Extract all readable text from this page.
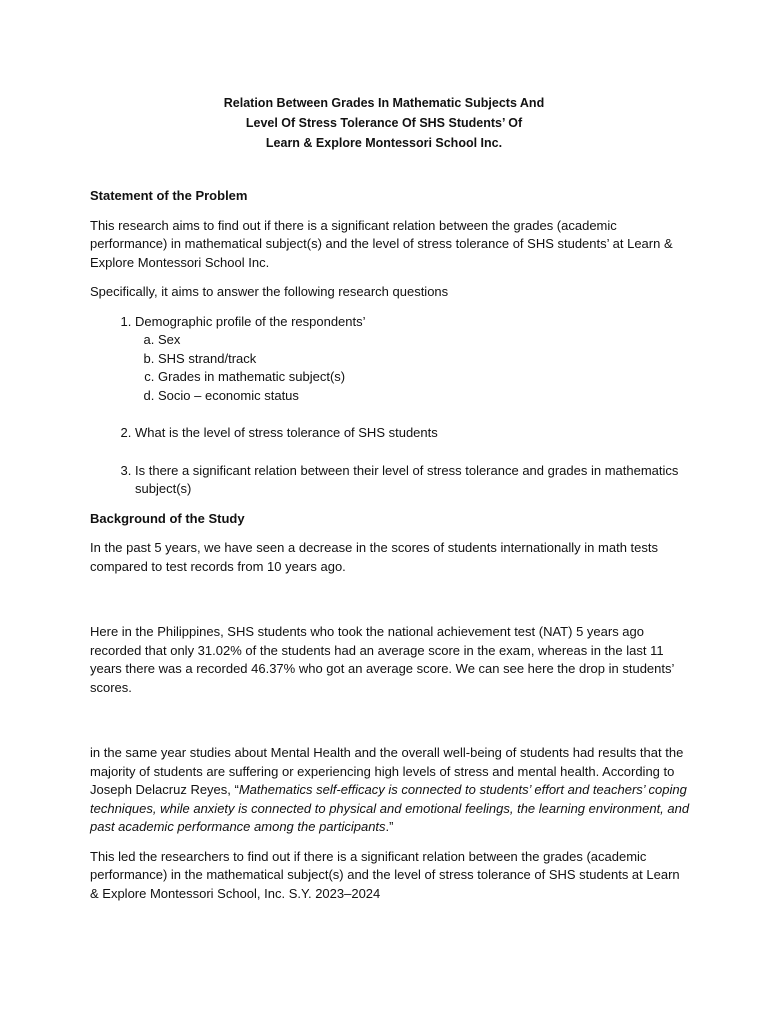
Relation Between Grades In Mathematic Subjects And
Level Of Stress Tolerance Of SHS Students’ Of
Learn & Explore Montessori School Inc.
Statement of the Problem
This research aims to find out if there is a significant relation between the grades (academic performance) in mathematical subject(s) and the level of stress tolerance of SHS students’ at Learn & Explore Montessori School Inc.
Specifically, it aims to answer the following research questions
1. Demographic profile of the respondents’
a. Sex
b. SHS strand/track
c. Grades in mathematic subject(s)
d. Socio – economic status
2. What is the level of stress tolerance of SHS students
3. Is there a significant relation between their level of stress tolerance and grades in mathematics subject(s)
Background of the Study
In the past 5 years, we have seen a decrease in the scores of students internationally in math tests compared to test records from 10 years ago.
Here in the Philippines, SHS students who took the national achievement test (NAT) 5 years ago recorded that only 31.02% of the students had an average score in the exam, whereas in the last 11 years there was a recorded 46.37% who got an average score. We can see here the drop in students’ scores.
in the same year studies about Mental Health and the overall well-being of students had results that the majority of students are suffering or experiencing high levels of stress and mental health. According to Joseph Delacruz Reyes, “Mathematics self-efficacy is connected to students’ effort and teachers’ coping techniques, while anxiety is connected to physical and emotional feelings, the learning environment, and past academic performance among the participants.”
This led the researchers to find out if there is a significant relation between the grades (academic performance) in the mathematical subject(s) and the level of stress tolerance of SHS students at Learn & Explore Montessori School, Inc. S.Y. 2023–2024
